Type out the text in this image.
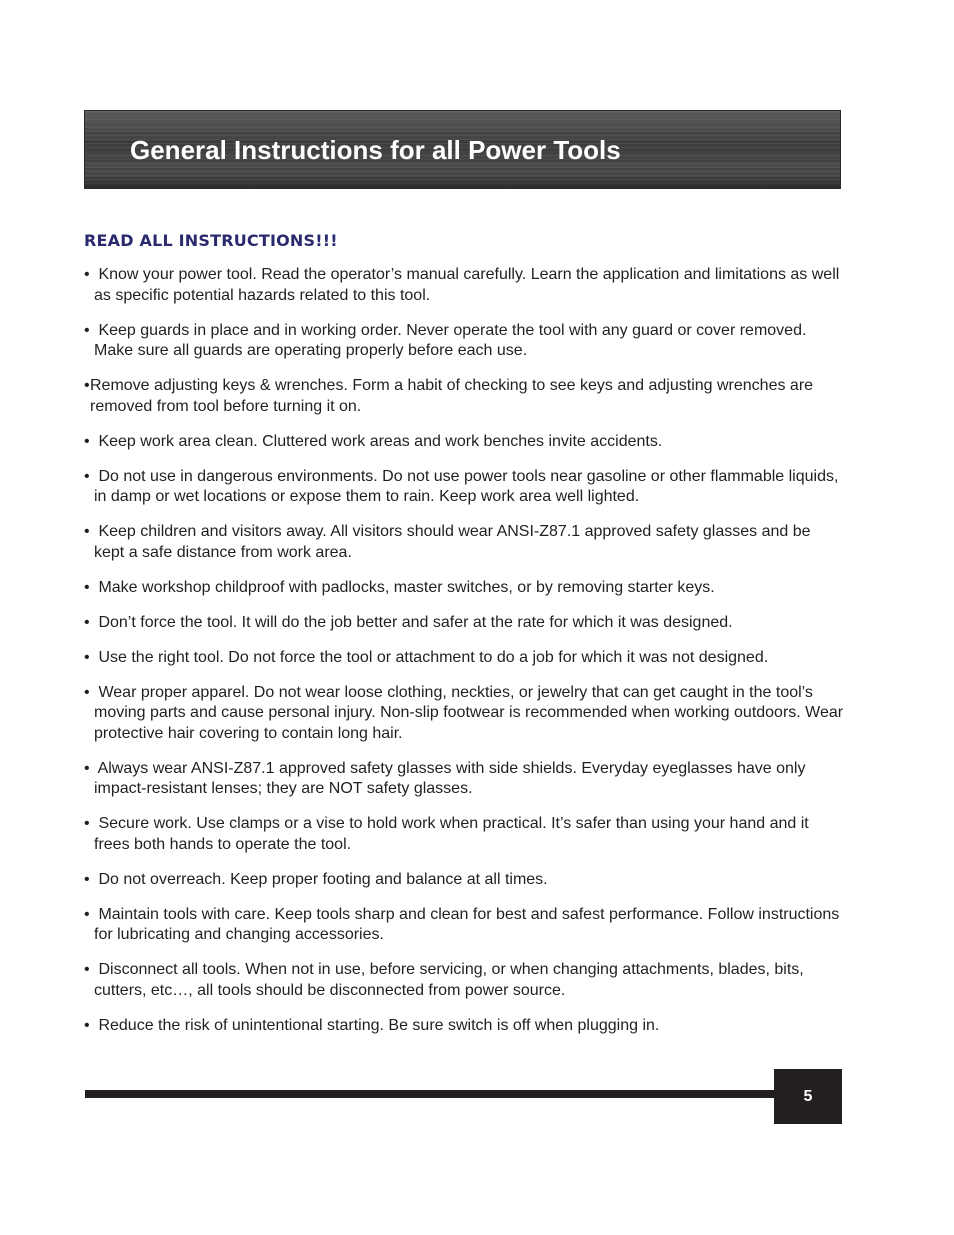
General Instructions for all Power Tools
READ ALL INSTRUCTIONS!!!
• Know your power tool. Read the operator’s manual carefully. Learn the application and limitations as well as specific potential hazards related to this tool.
• Keep guards in place and in working order. Never operate the tool with any guard or cover removed. Make sure all guards are operating properly before each use.
•Remove adjusting keys & wrenches. Form a habit of checking to see keys and adjusting wrenches are removed from tool before turning it on.
• Keep work area clean. Cluttered work areas and work benches invite accidents.
• Do not use in dangerous environments. Do not use power tools near gasoline or other flammable liquids, in damp or wet locations or expose them to rain. Keep work area well lighted.
• Keep children and visitors away. All visitors should wear ANSI-Z87.1 approved safety glasses and be kept a safe distance from work area.
• Make workshop childproof with padlocks, master switches, or by removing starter keys.
• Don’t force the tool. It will do the job better and safer at the rate for which it was designed.
• Use the right tool. Do not force the tool or attachment to do a job for which it was not designed.
• Wear proper apparel. Do not wear loose clothing, neckties, or jewelry that can get caught in the tool’s moving parts and cause personal injury. Non-slip footwear is recommended when working outdoors. Wear protective hair covering to contain long hair.
• Always wear ANSI-Z87.1 approved safety glasses with side shields. Everyday eyeglasses have only impact-resistant lenses; they are NOT safety glasses.
• Secure work. Use clamps or a vise to hold work when practical. It’s safer than using your hand and it frees both hands to operate the tool.
• Do not overreach. Keep proper footing and balance at all times.
• Maintain tools with care. Keep tools sharp and clean for best and safest performance. Follow instructions for lubricating and changing accessories.
• Disconnect all tools. When not in use, before servicing, or when changing attachments, blades, bits, cutters, etc…, all tools should be disconnected from power source.
• Reduce the risk of unintentional starting. Be sure switch is off when plugging in.
5
